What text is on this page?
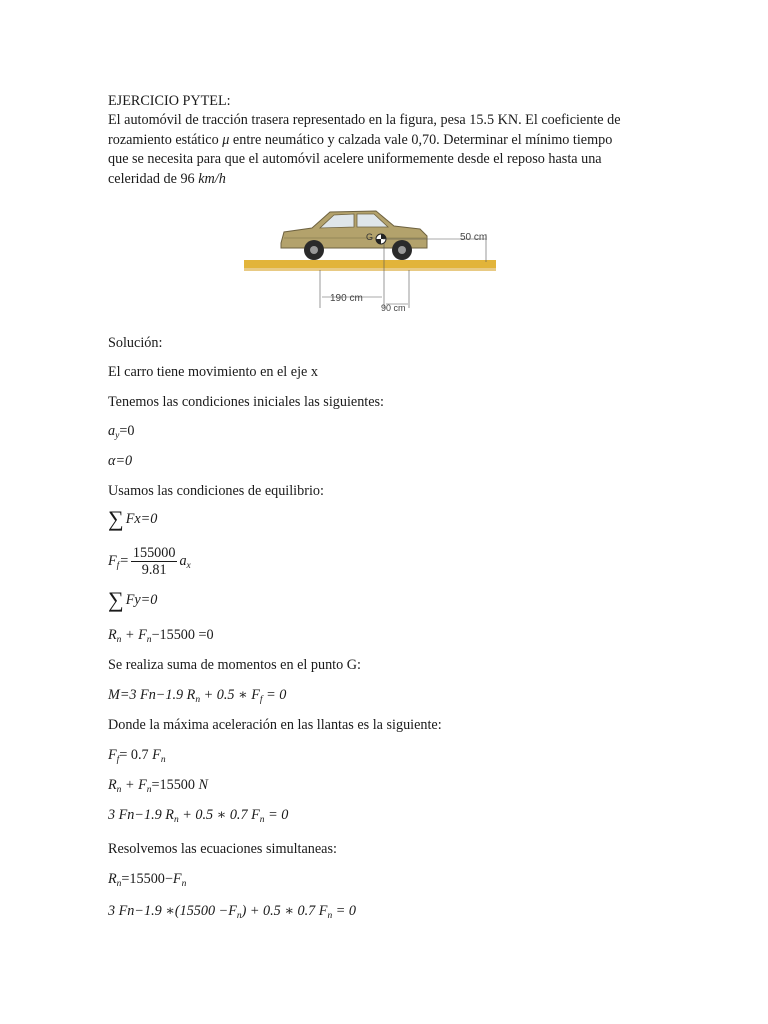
EJERCICIO PYTEL:

El automóvil de tracción trasera representado en la figura, pesa 15.5 KN. El coeficiente de

rozamiento estático μ entre neumático y calzada vale 0,70. Determinar el mínimo tiempo

que se necesita para que el automóvil acelere uniformemente desde el reposo hasta una

celeridad de 96 km/h

G	50 cm
190 cm
90 cm
Solución:
El carro tiene movimiento en el eje x
Tenemos las condiciones iniciales las siguientes:
$a_y=0$
α=0
Usamos las condiciones de equilibrio:
∑ Fx=0
$F_f= \frac{155000}{9.81} a_x$
∑ Fy=0
$R_n + F_n-15500 =0$
Se realiza suma de momentos en el punto G:
M=3 Fn−1.9 $R_n + 0.5$ ∗ $F_f = 0$
Donde la máxima aceleración en las llantas es la siguiente:
$F_f= 0.7$ $F_n$
$R_n + F_n=15500$ N
3 Fn−1.9 $R_n + 0.5$ ∗ 0.7 $F_n = 0$
Resolvemos las ecuaciones simultaneas:
$R_n=15500-F_n$
3 Fn−1.9 ∗(15500 $-F_n) + 0.5$ ∗ 0.7 $F_n = 0$
